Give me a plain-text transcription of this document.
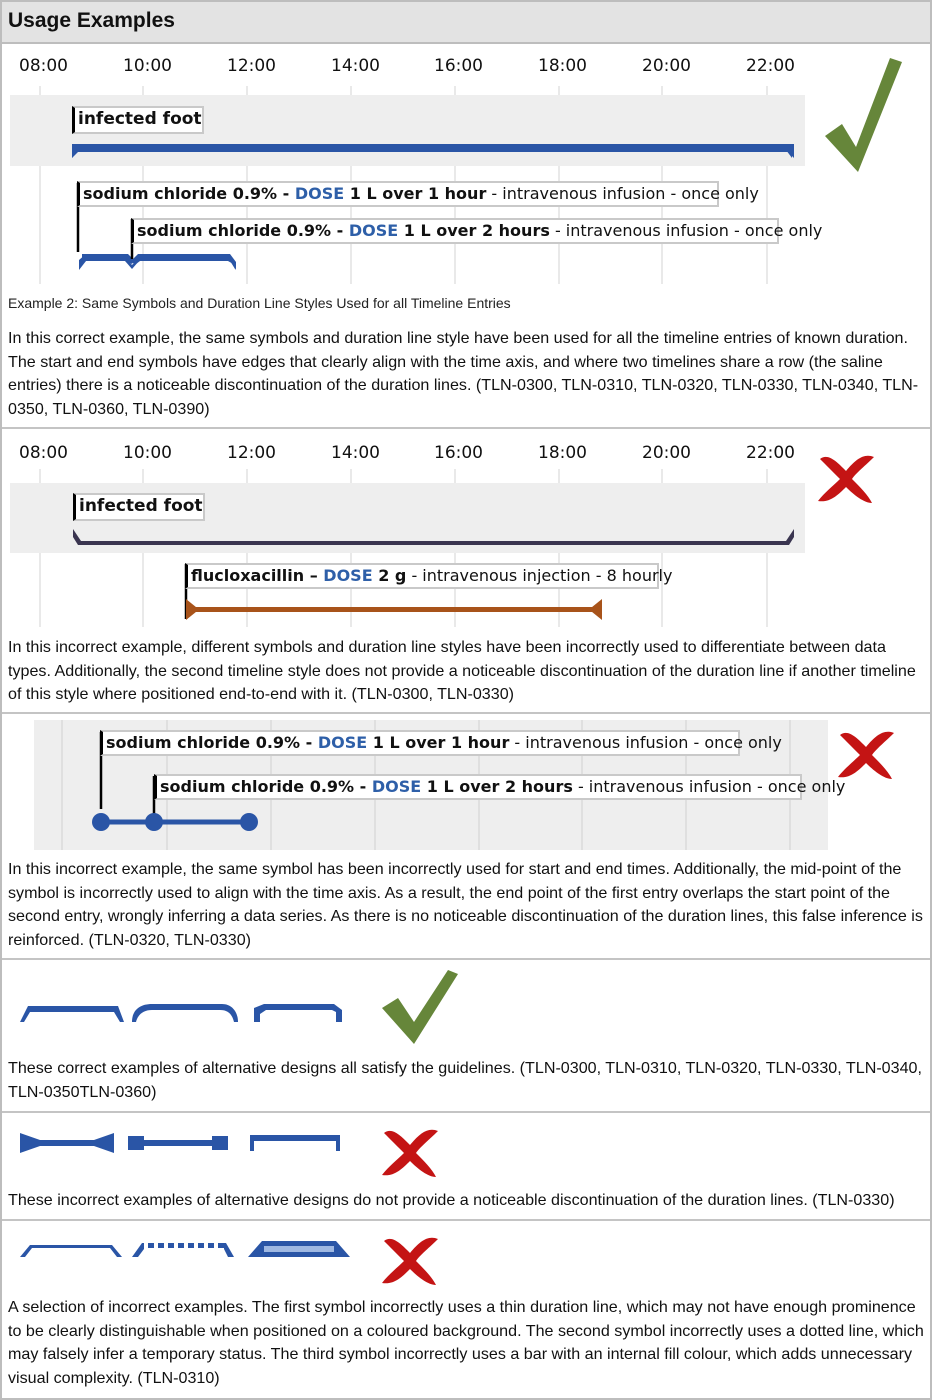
Usage Examples
08:00	10:00	12:00	14:00	16:00	18:00	20:00	22:00
infected foot
sodium chloride 0.9% - DOSE 1 L over 1 hour - intravenous infusion - once only
sodium chloride 0.9% - DOSE 1 L over 2 hours - intravenous infusion - once only
Example 2: Same Symbols and Duration Line Styles Used for all Timeline Entries
In this correct example, the same symbols and duration line style have been used for all the timeline entries of known duration. The start and end symbols have edges that clearly align with the time axis, and where two timelines share a row (the saline entries) there is a noticeable discontinuation of the duration lines. (TLN-0300, TLN-0310, TLN-0320, TLN-0330, TLN-0340, TLN-0350, TLN-0360, TLN-0390)
08:00	10:00	12:00	14:00	16:00	18:00	20:00	22:00
infected foot
flucloxacillin – DOSE 2 g - intravenous injection - 8 hourly
In this incorrect example, different symbols and duration line styles have been incorrectly used to differentiate between data types. Additionally, the second timeline style does not provide a noticeable discontinuation of the duration line if another timeline of this style where positioned end-to-end with it. (TLN-0300, TLN-0330)
sodium chloride 0.9% - DOSE 1 L over 1 hour - intravenous infusion - once only
sodium chloride 0.9% - DOSE 1 L over 2 hours - intravenous infusion - once only
In this incorrect example, the same symbol has been incorrectly used for start and end times. Additionally, the mid-point of the symbol is incorrectly used to align with the time axis. As a result, the end point of the first entry overlaps the start point of the second entry, wrongly inferring a data series. As there is no noticeable discontinuation of the duration lines, this false inference is reinforced. (TLN-0320, TLN-0330)
These correct examples of alternative designs all satisfy the guidelines. (TLN-0300, TLN-0310, TLN-0320, TLN-0330, TLN-0340, TLN-0350TLN-0360)
These incorrect examples of alternative designs do not provide a noticeable discontinuation of the duration lines. (TLN-0330)
A selection of incorrect examples. The first symbol incorrectly uses a thin duration line, which may not have enough prominence to be clearly distinguishable when positioned on a coloured background. The second symbol incorrectly uses a dotted line, which may falsely infer a temporary status. The third symbol incorrectly uses a bar with an internal fill colour, which adds unnecessary visual complexity. (TLN-0310)
